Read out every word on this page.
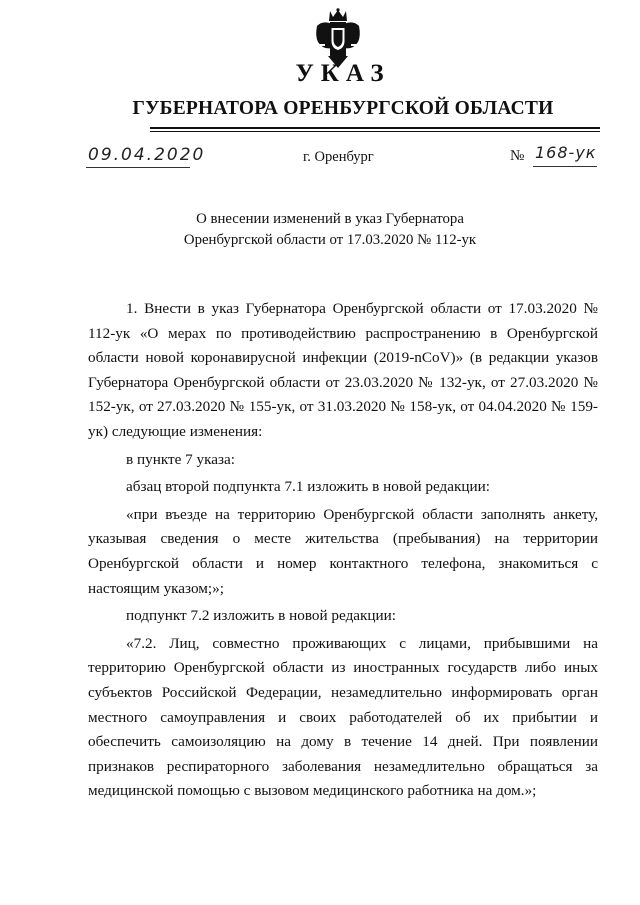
УКАЗ
ГУБЕРНАТОРА ОРЕНБУРГСКОЙ ОБЛАСТИ
09.04.2020	г. Оренбург	№ 168-ук
О внесении изменений в указ Губернатора
Оренбургской области от 17.03.2020 № 112-ук

1. Внести в указ Губернатора Оренбургской области от 17.03.2020 № 112-ук «О мерах по противодействию распространению в Оренбургской области новой коронавирусной инфекции (2019-nCoV)» (в редакции указов Губернатора Оренбургской области от 23.03.2020 № 132-ук, от 27.03.2020 № 152-ук, от 27.03.2020 № 155-ук, от 31.03.2020 № 158-ук, от 04.04.2020 № 159-ук) следующие изменения:

в пункте 7 указа:

абзац второй подпункта 7.1 изложить в новой редакции:

«при въезде на территорию Оренбургской области заполнять анкету, указывая сведения о месте жительства (пребывания) на территории Оренбургской области и номер контактного телефона, знакомиться с настоящим указом;»;

подпункт 7.2 изложить в новой редакции:

«7.2. Лиц, совместно проживающих с лицами, прибывшими на территорию Оренбургской области из иностранных государств либо иных субъектов Российской Федерации, незамедлительно информировать орган местного самоуправления и своих работодателей об их прибытии и обеспечить самоизоляцию на дому в течение 14 дней. При появлении признаков респираторного заболевания незамедлительно обращаться за медицинской помощью с вызовом медицинского работника на дом.»;
